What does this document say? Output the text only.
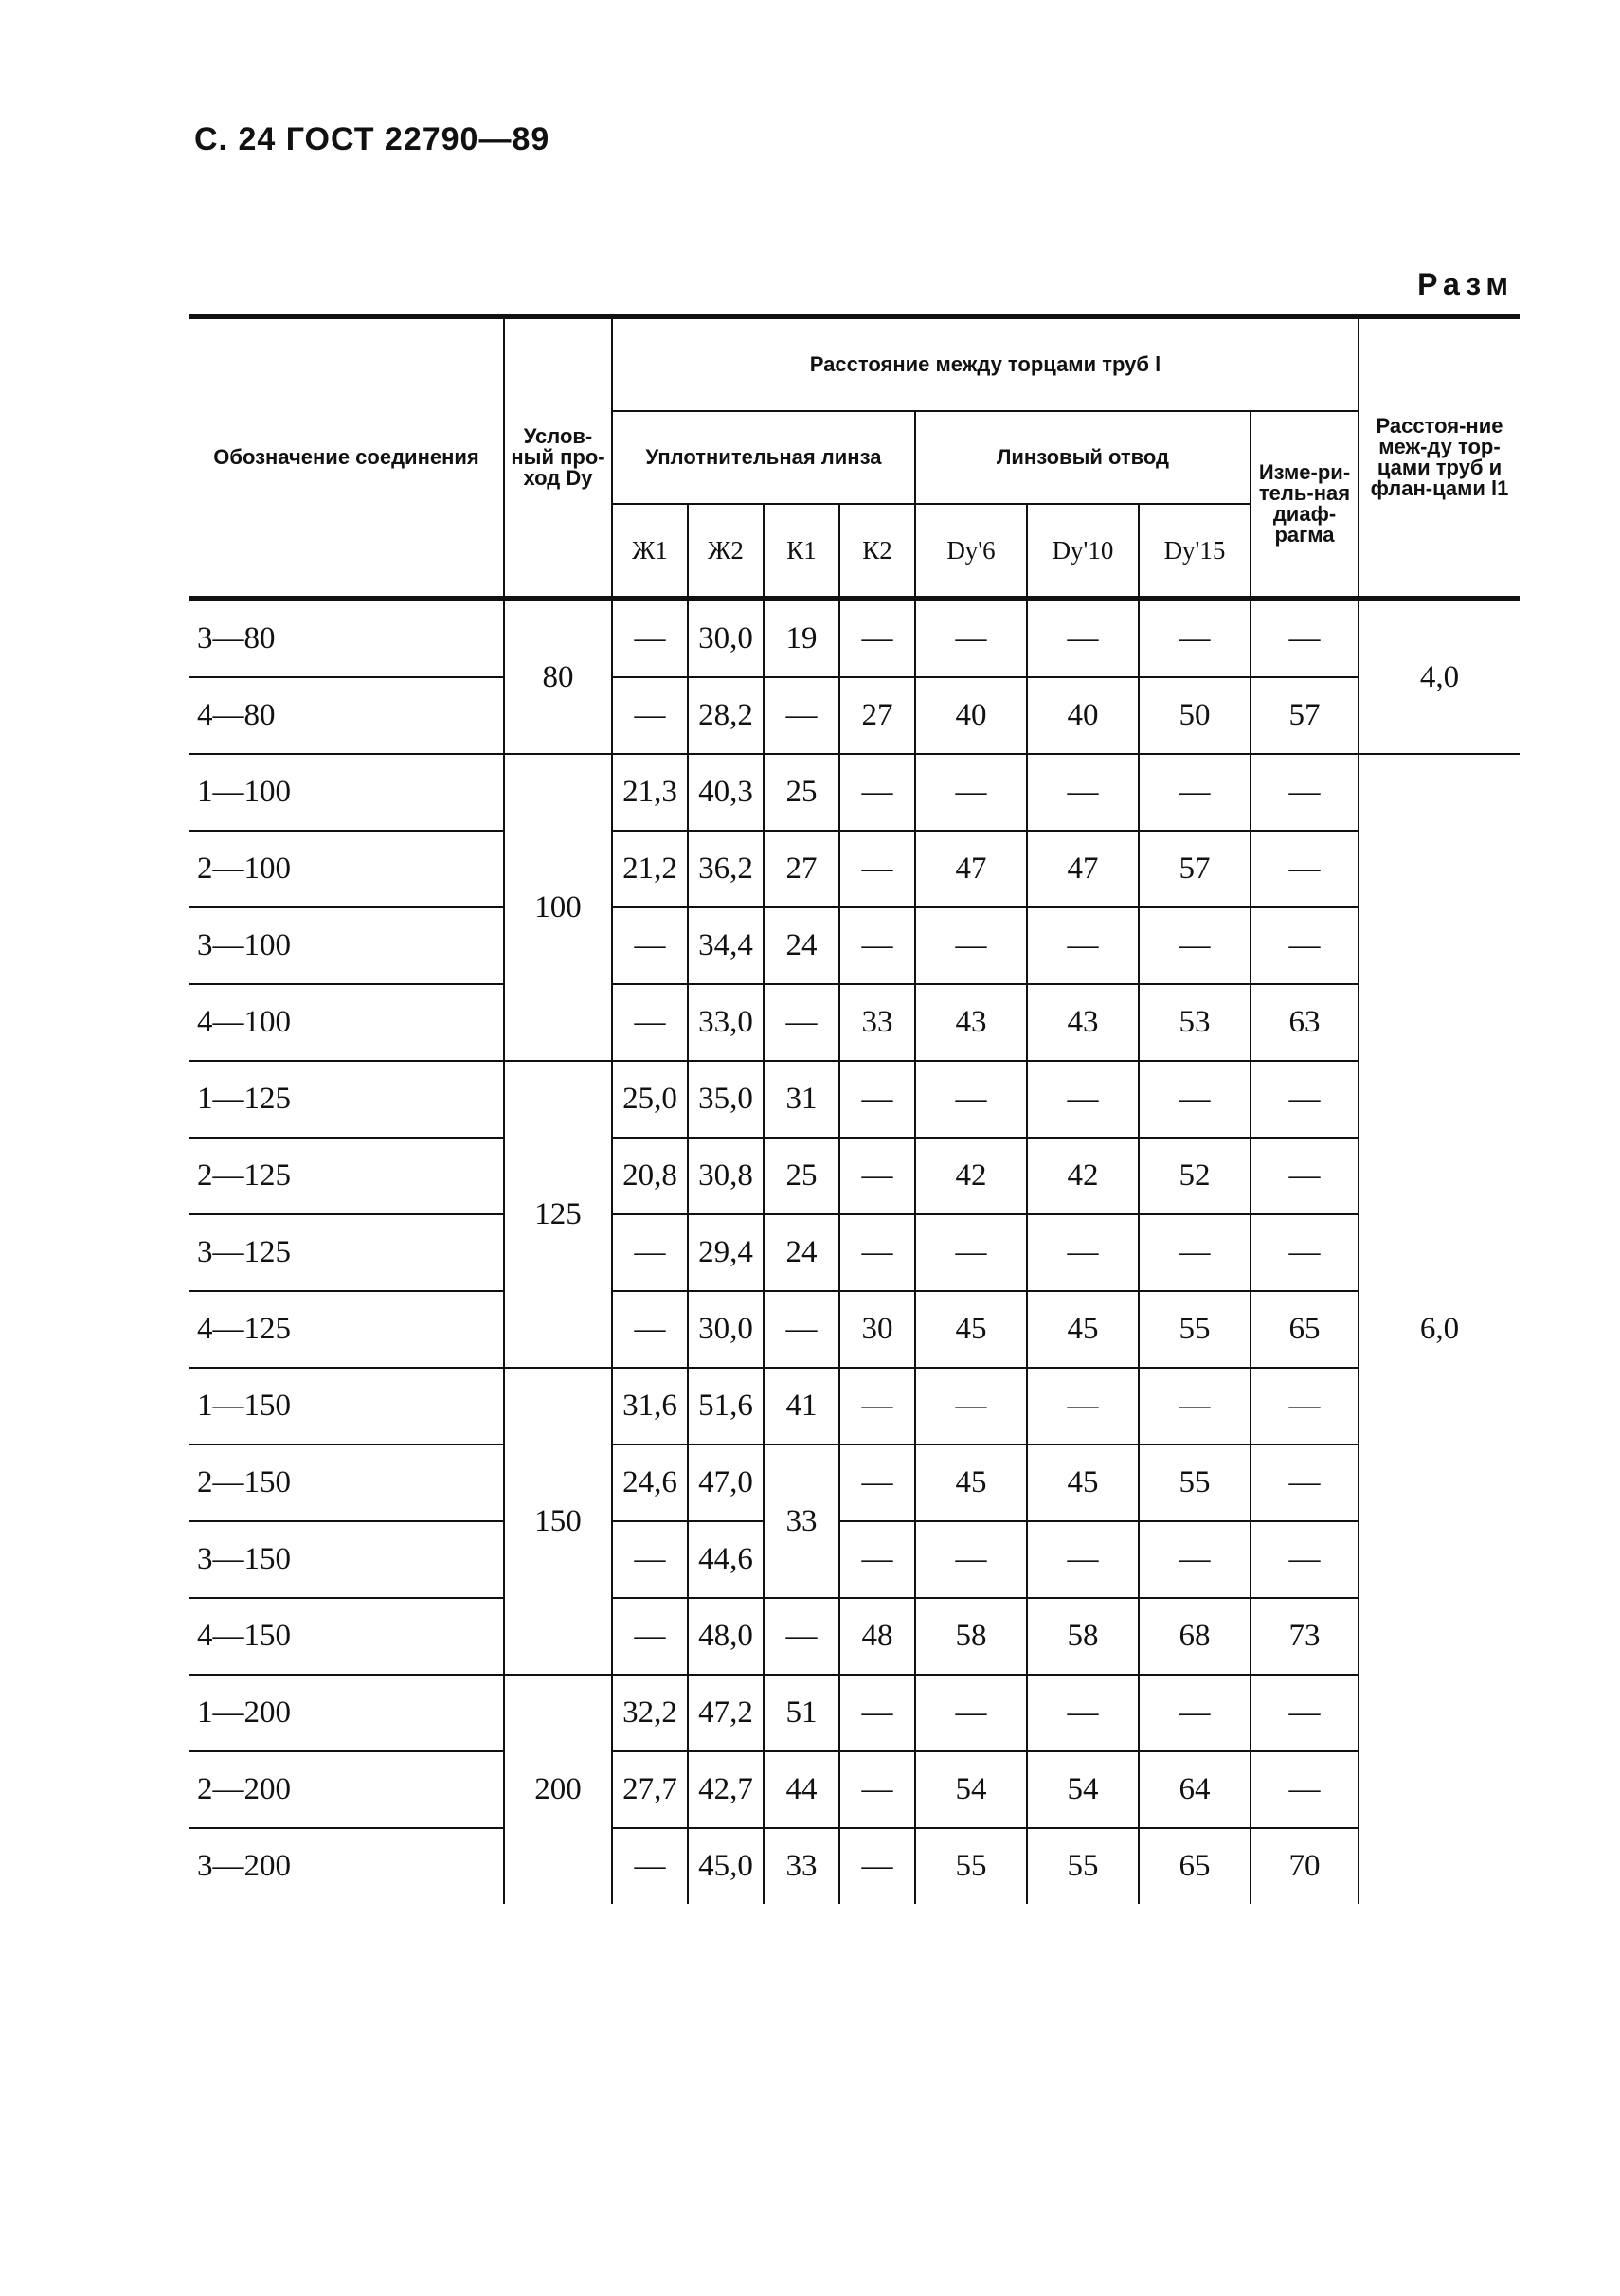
С. 24 ГОСТ 22790—89
Разм
Обозначение соединения	Услов-ный про-ход Dу	Расстояние между торцами труб l								Расстоя-ние меж-ду тор-цами труб и флан-цами l1
		Уплотнительная линза				Линзовый отвод			Изме-ри-тель-ная диаф-рагма	
		Ж1	Ж2	К1	К2	Dу'6	Dу'10	Dу'15		
3—80	80	—	30,0	19	—	—	—	—	—	4,0
4—80		—	28,2	—	27	40	40	50	57	
1—100	100	21,3	40,3	25	—	—	—	—	—	6,0
2—100		21,2	36,2	27	—	47	47	57	—	
3—100		—	34,4	24	—	—	—	—	—	
4—100		—	33,0	—	33	43	43	53	63	
1—125	125	25,0	35,0	31	—	—	—	—	—	
2—125		20,8	30,8	25	—	42	42	52	—	
3—125		—	29,4	24	—	—	—	—	—	
4—125		—	30,0	—	30	45	45	55	65	
1—150	150	31,6	51,6	41	—	—	—	—	—	
2—150		24,6	47,0	33	—	45	45	55	—	
3—150		—	44,6		—	—	—	—	—	
4—150		—	48,0	—	48	58	58	68	73	
1—200	200	32,2	47,2	51	—	—	—	—	—	
2—200		27,7	42,7	44	—	54	54	64	—	
3—200		—	45,0	33	—	55	55	65	70	
